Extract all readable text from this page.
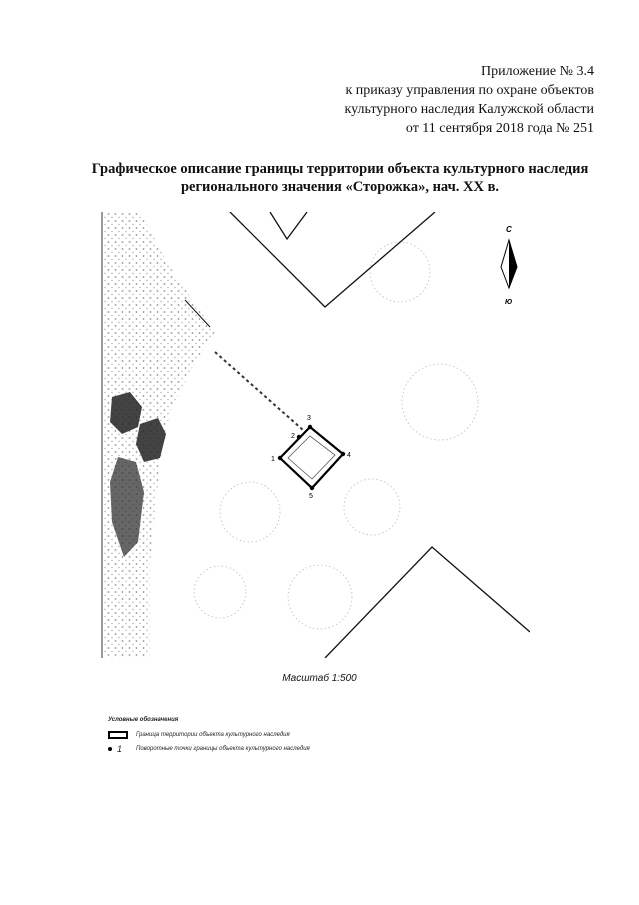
Приложение № 3.4
к приказу управления по охране объектов
культурного наследия Калужской области
от 11 сентября 2018 года № 251
Графическое описание границы территории объекта культурного наследия
регионального значения «Сторожка», нач. XX в.
1
2
3
4
5
С
Ю
Масштаб 1:500
Условные обозначения
Граница территории объекта культурного наследия
1 Поворотные точки границы объекта культурного наследия
